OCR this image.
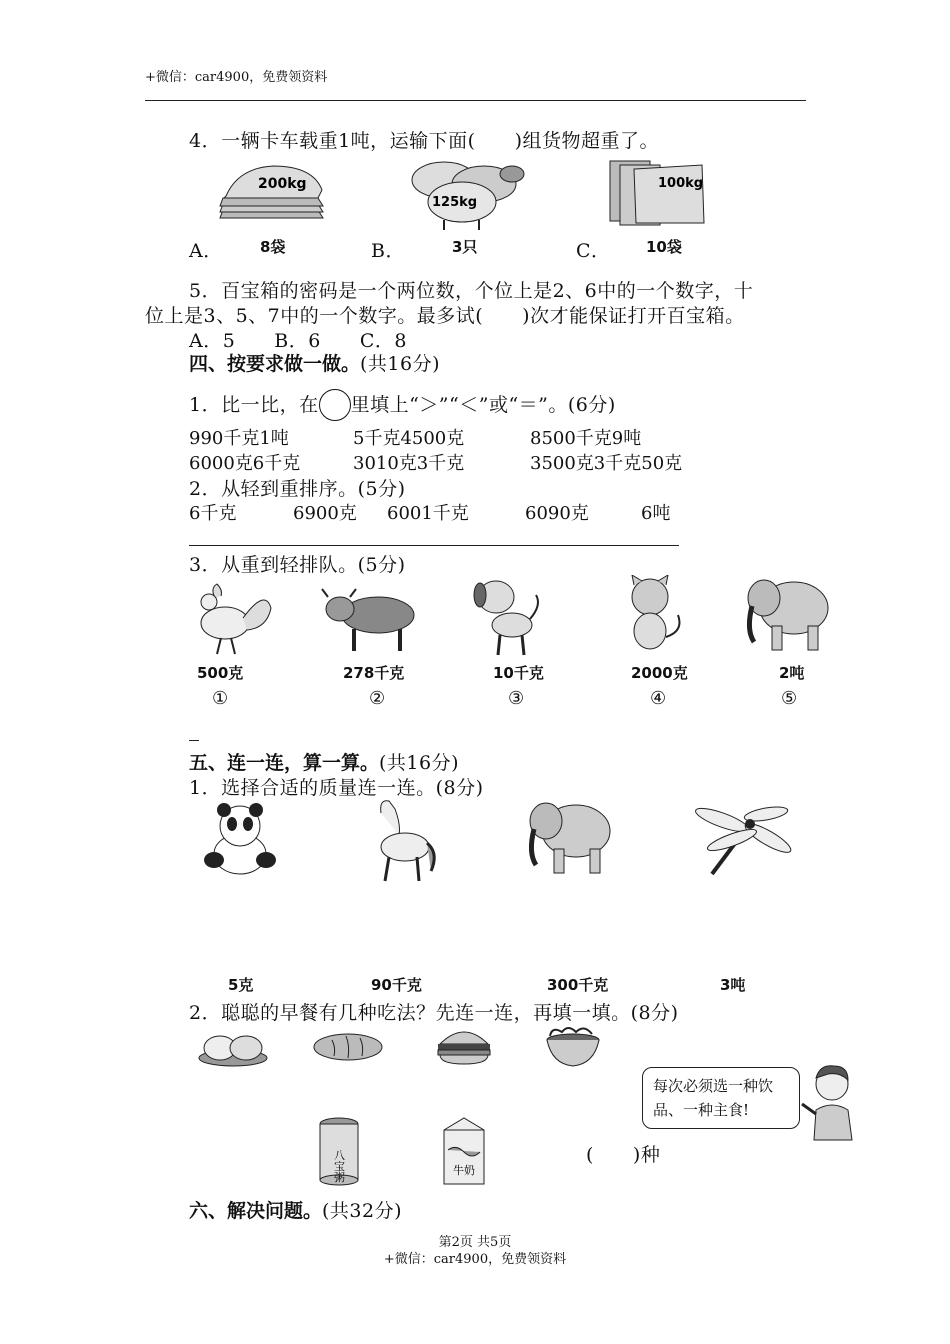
+微信：car4900，免费领资料
4．一辆卡车载重1吨，运输下面(　　)组货物超重了。
200kg
125kg
100kg
A． 8袋	B．	3只	C． 10袋
5．百宝箱的密码是一个两位数，个位上是2、6中的一个数字，十
位上是3、5、7中的一个数字。最多试(　　)次才能保证打开百宝箱。
A．5　　B．6　　C．8
四、按要求做一做。(共16分)
1．比一比，在 里填上“＞”“＜”或“＝”。(6分)
990千克1吨	5千克4500克	8500千克9吨
6000克6千克	3010克3千克	3500克3千克50克
2．从轻到重排序。(5分)
6千克	6900克 6001千克	6090克	6吨
3．从重到轻排队。(5分)
500克	278千克	10千克	2000克	2吨
①	②	③	④	⑤
五、连一连，算一算。(共16分)
1．选择合适的质量连一连。(8分)
5克	90千克	300千克	3吨
2．聪聪的早餐有几种吃法？先连一连，再填一填。(8分)
每次必须选一种饮品、一种主食!
八宝粥	牛奶
(　　)种
六、解决问题。(共32分)
第2页 共5页
+微信：car4900，免费领资料
